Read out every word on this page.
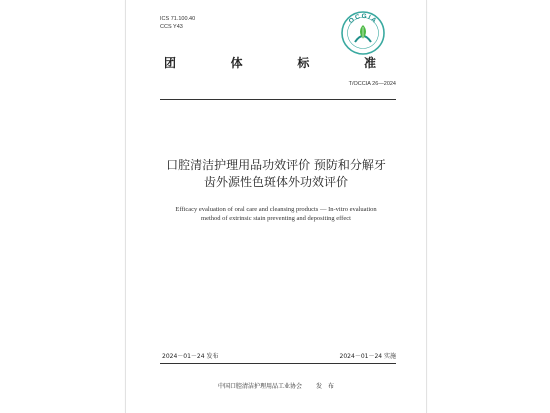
ICS 71.100.40
CCS Y43
OCGIA
团	体	标	准
T/OCCIA 26—2024
口腔清洁护理用品功效评价 预防和分解牙
齿外源性色斑体外功效评价
Efficacy evaluation of oral care and cleansing products — In-vitro evaluation
method of extrinsic stain preventing and depositing effect
2024－01－24 发布	2024－01－24 实施
中国口腔清洁护理用品工业协会 发 布
